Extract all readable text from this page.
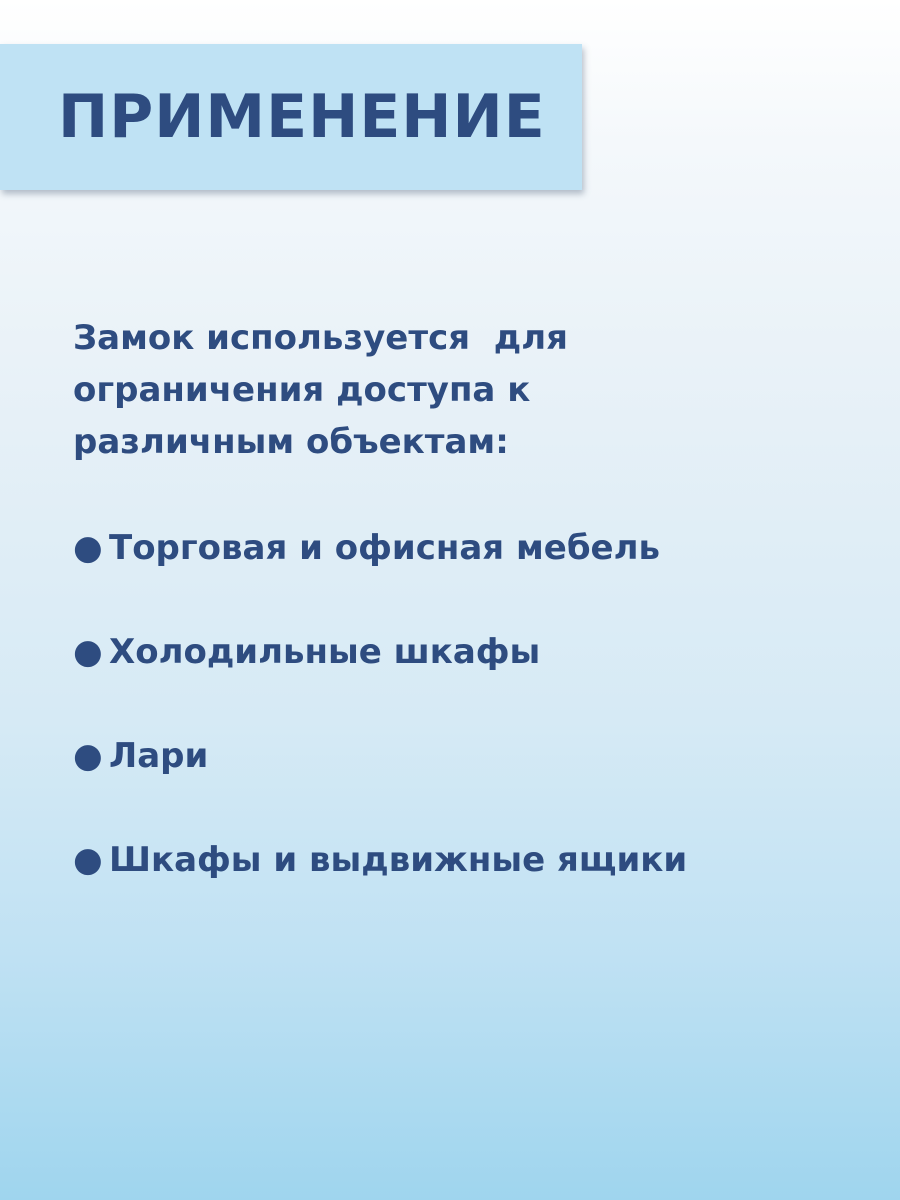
ПРИМЕНЕНИЕ
Замок используется  для
ограничения доступа к
различным объектам:
● Торговая и офисная мебель
● Холодильные шкафы
● Лари
● Шкафы и выдвижные ящики
